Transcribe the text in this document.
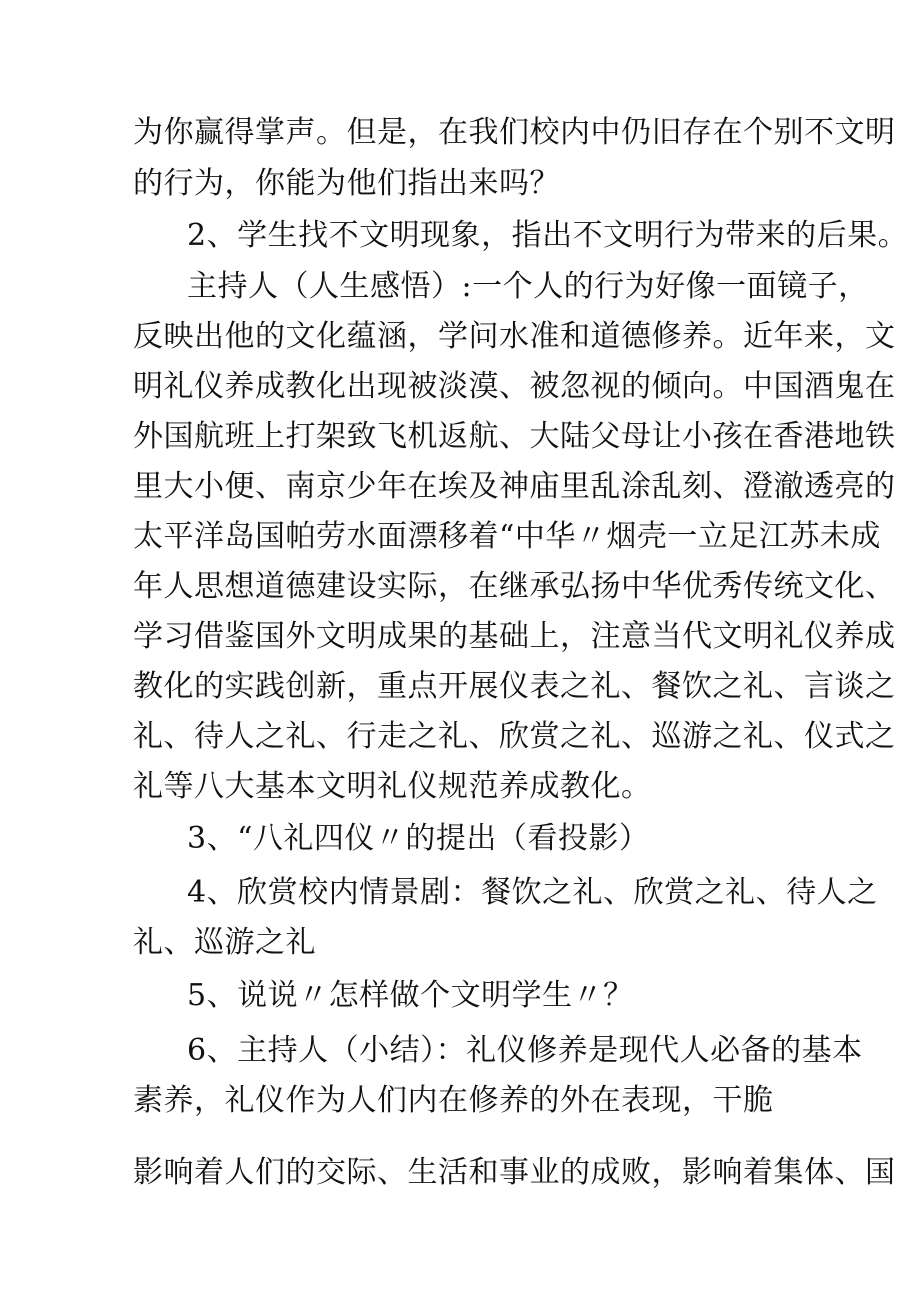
为你赢得掌声。但是，在我们校内中仍旧存在个别不文明
的行为，你能为他们指出来吗？
2、学生找不文明现象，指出不文明行为带来的后果。
主持人（人生感悟）:一个人的行为好像一面镜子，
反映出他的文化蕴涵，学问水准和道德修养。近年来，文
明礼仪养成教化出现被淡漠、被忽视的倾向。中国酒鬼在
外国航班上打架致飞机返航、大陆父母让小孩在香港地铁
里大小便、南京少年在埃及神庙里乱涂乱刻、澄澈透亮的
太平洋岛国帕劳水面漂移着“中华〃烟壳一立足江苏未成
年人思想道德建设实际，在继承弘扬中华优秀传统文化、
学习借鉴国外文明成果的基础上，注意当代文明礼仪养成
教化的实践创新，重点开展仪表之礼、餐饮之礼、言谈之
礼、待人之礼、行走之礼、欣赏之礼、巡游之礼、仪式之
礼等八大基本文明礼仪规范养成教化。
3、“八礼四仪〃的提出（看投影）
4、欣赏校内情景剧：餐饮之礼、欣赏之礼、待人之
礼、巡游之礼
5、说说〃怎样做个文明学生〃？
6、主持人（小结）：礼仪修养是现代人必备的基本
素养，礼仪作为人们内在修养的外在表现，干脆
影响着人们的交际、生活和事业的成败，影响着集体、国
